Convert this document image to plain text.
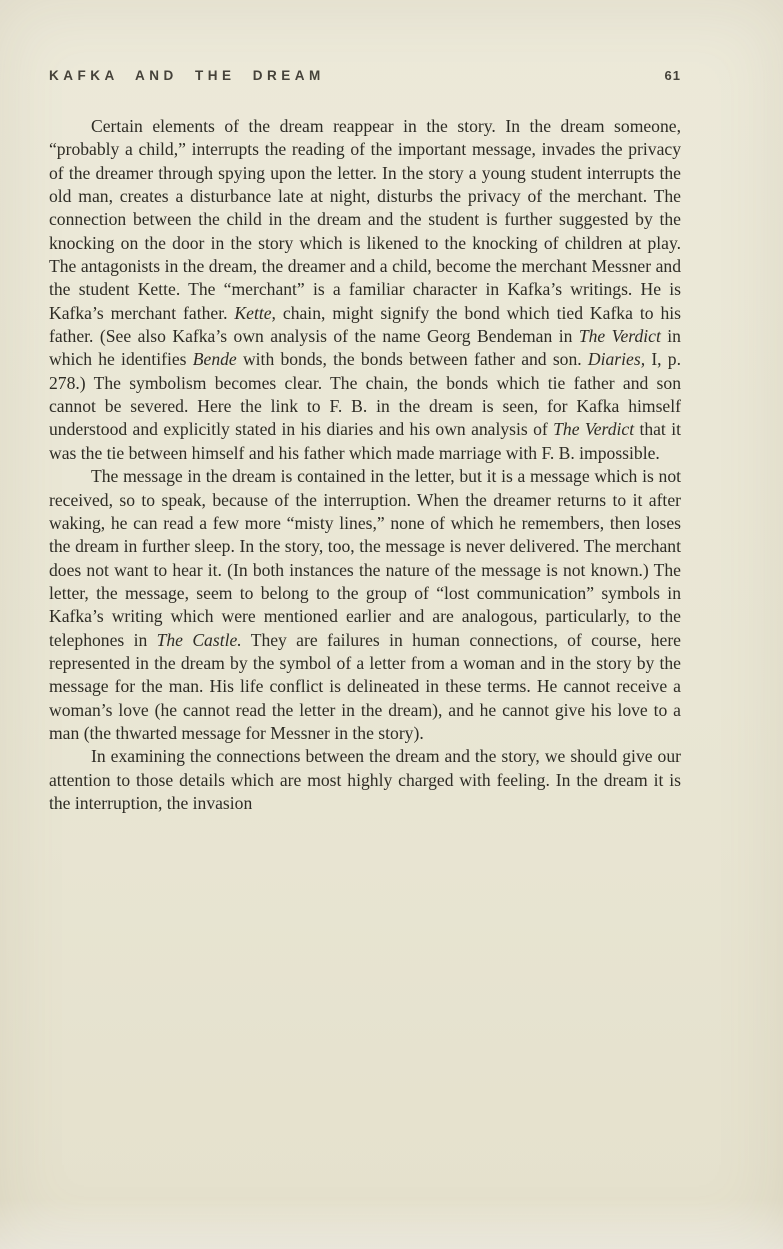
KAFKA AND THE DREAM	61

Certain elements of the dream reappear in the story. In the dream someone, “probably a child,” interrupts the reading of the important message, invades the privacy of the dreamer through spying upon the letter. In the story a young student interrupts the old man, creates a disturbance late at night, disturbs the privacy of the merchant. The connection between the child in the dream and the student is further suggested by the knocking on the door in the story which is likened to the knocking of children at play. The antagonists in the dream, the dreamer and a child, become the merchant Messner and the student Kette. The “merchant” is a familiar character in Kafka’s writings. He is Kafka’s merchant father. Kette, chain, might signify the bond which tied Kafka to his father. (See also Kafka’s own analysis of the name Georg Bendeman in The Verdict in which he identifies Bende with bonds, the bonds between father and son. Diaries, I, p. 278.) The symbolism becomes clear. The chain, the bonds which tie father and son cannot be severed. Here the link to F. B. in the dream is seen, for Kafka himself understood and explicitly stated in his diaries and his own analysis of The Verdict that it was the tie between himself and his father which made marriage with F. B. impossible.

The message in the dream is contained in the letter, but it is a message which is not received, so to speak, because of the interruption. When the dreamer returns to it after waking, he can read a few more “misty lines,” none of which he remembers, then loses the dream in further sleep. In the story, too, the message is never delivered. The merchant does not want to hear it. (In both instances the nature of the message is not known.) The letter, the message, seem to belong to the group of “lost communication” symbols in Kafka’s writing which were mentioned earlier and are analogous, particularly, to the telephones in The Castle. They are failures in human connections, of course, here represented in the dream by the symbol of a letter from a woman and in the story by the message for the man. His life conflict is delineated in these terms. He cannot receive a woman’s love (he cannot read the letter in the dream), and he cannot give his love to a man (the thwarted message for Messner in the story).

In examining the connections between the dream and the story, we should give our attention to those details which are most highly charged with feeling. In the dream it is the interruption, the invasion
